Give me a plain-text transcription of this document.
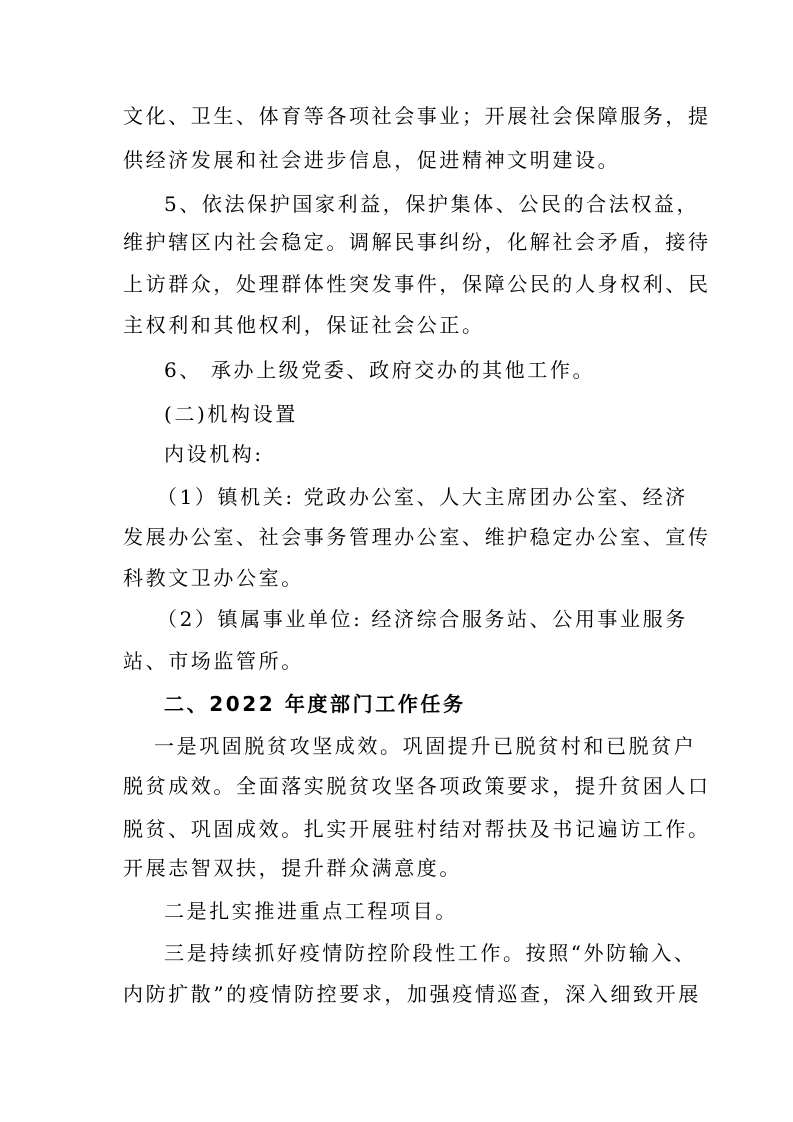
文化、卫生、体育等各项社会事业；开展社会保障服务，提
供经济发展和社会进步信息，促进精神文明建设。
5、依法保护国家利益，保护集体、公民的合法权益，
维护辖区内社会稳定。调解民事纠纷，化解社会矛盾，接待
上访群众，处理群体性突发事件，保障公民的人身权利、民
主权利和其他权利，保证社会公正。
6、 承办上级党委、政府交办的其他工作。
(二)机构设置
内设机构:
（1）镇机关: 党政办公室、人大主席团办公室、经济
发展办公室、社会事务管理办公室、维护稳定办公室、宣传
科教文卫办公室。
（2）镇属事业单位: 经济综合服务站、公用事业服务
站、市场监管所。
二、2022 年度部门工作任务
一是巩固脱贫攻坚成效。巩固提升已脱贫村和已脱贫户
脱贫成效。全面落实脱贫攻坚各项政策要求，提升贫困人口
脱贫、巩固成效。扎实开展驻村结对帮扶及书记遍访工作。
开展志智双扶，提升群众满意度。
二是扎实推进重点工程项目。
三是持续抓好疫情防控阶段性工作。按照“外防输入、
内防扩散”的疫情防控要求，加强疫情巡查，深入细致开展
